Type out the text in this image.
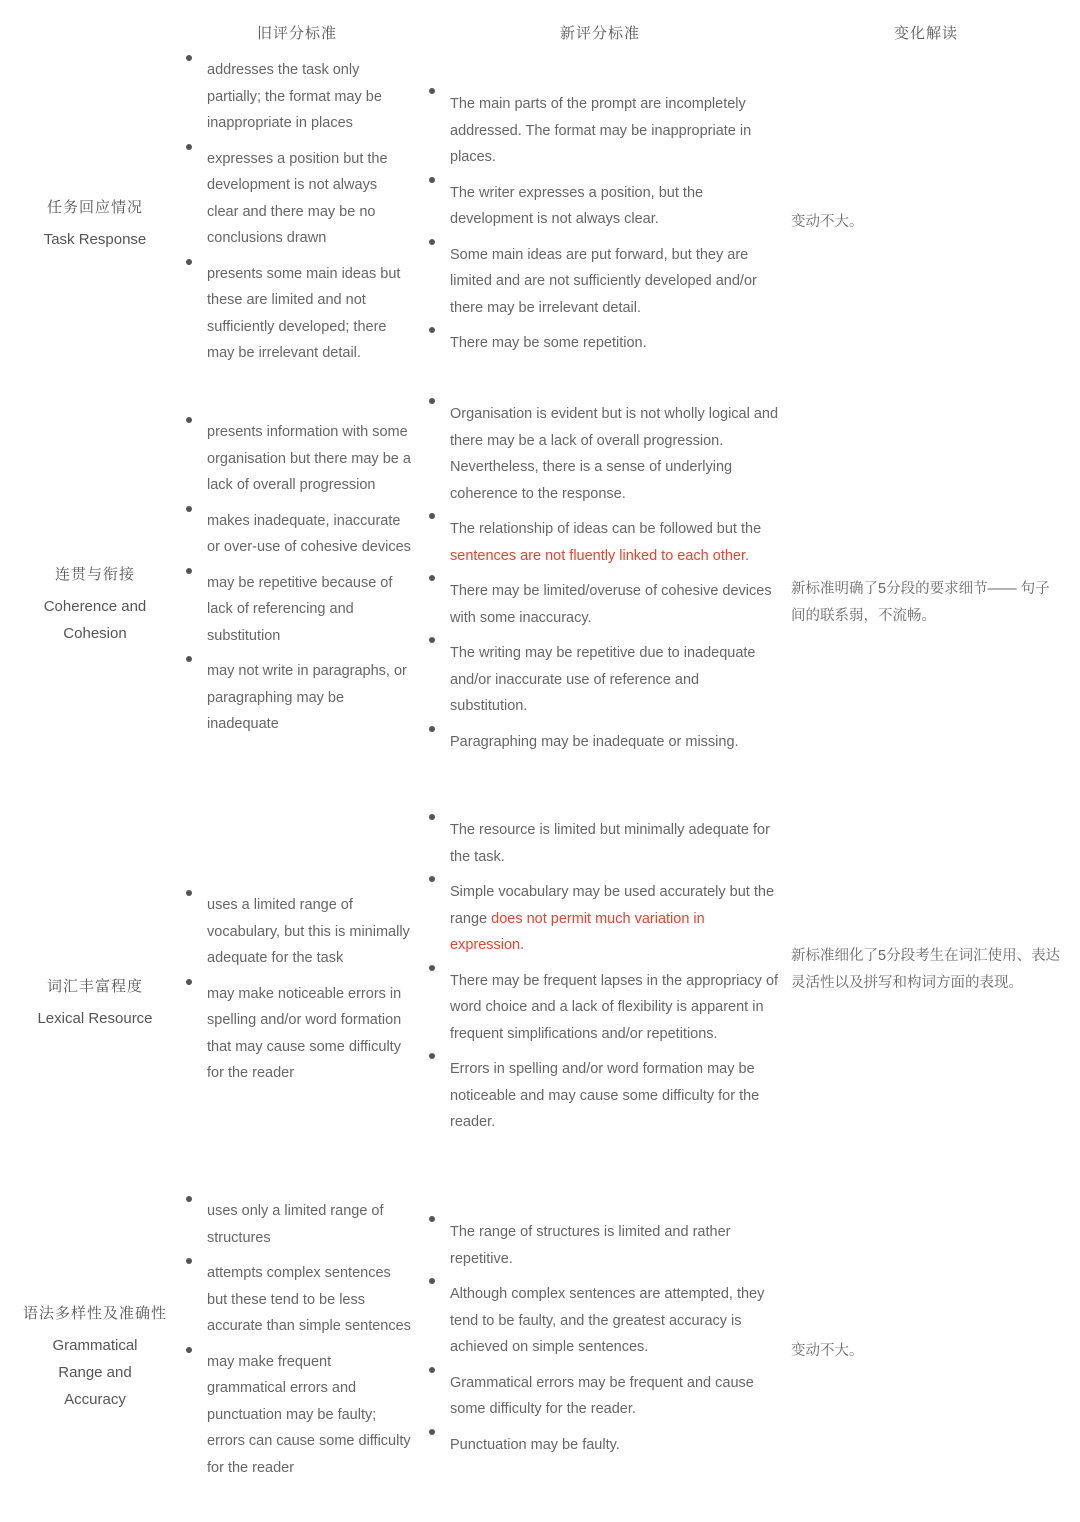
旧评分标准	新评分标准	变化解读
任务回应情况
Task Response
addresses the task only partially; the format may be inappropriate in places
expresses a position but the development is not always clear and there may be no conclusions drawn
presents some main ideas but these are limited and not sufficiently developed; there may be irrelevant detail.
The main parts of the prompt are incompletely addressed. The format may be inappropriate in places.
The writer expresses a position, but the development is not always clear.
Some main ideas are put forward, but they are limited and are not sufficiently developed and/or there may be irrelevant detail.
There may be some repetition.
变动不大。
连贯与衔接
Coherence and Cohesion
presents information with some organisation but there may be a lack of overall progression
makes inadequate, inaccurate or over-use of cohesive devices
may be repetitive because of lack of referencing and substitution
may not write in paragraphs, or paragraphing may be inadequate
Organisation is evident but is not wholly logical and there may be a lack of overall progression. Nevertheless, there is a sense of underlying coherence to the response.
The relationship of ideas can be followed but the sentences are not fluently linked to each other.
There may be limited/overuse of cohesive devices with some inaccuracy.
The writing may be repetitive due to inadequate and/or inaccurate use of reference and substitution.
Paragraphing may be inadequate or missing.
新标准明确了5分段的要求细节—— 句子间的联系弱，不流畅。
词汇丰富程度
Lexical Resource
uses a limited range of vocabulary, but this is minimally adequate for the task
may make noticeable errors in spelling and/or word formation that may cause some difficulty for the reader
The resource is limited but minimally adequate for the task.
Simple vocabulary may be used accurately but the range does not permit much variation in expression.
There may be frequent lapses in the appropriacy of word choice and a lack of flexibility is apparent in frequent simplifications and/or repetitions.
Errors in spelling and/or word formation may be noticeable and may cause some difficulty for the reader.
新标准细化了5分段考生在词汇使用、表达灵活性以及拼写和构词方面的表现。
语法多样性及准确性
Grammatical Range and Accuracy
uses only a limited range of structures
attempts complex sentences but these tend to be less accurate than simple sentences
may make frequent grammatical errors and punctuation may be faulty; errors can cause some difficulty for the reader
The range of structures is limited and rather repetitive.
Although complex sentences are attempted, they tend to be faulty, and the greatest accuracy is achieved on simple sentences.
Grammatical errors may be frequent and cause some difficulty for the reader.
Punctuation may be faulty.
变动不大。
